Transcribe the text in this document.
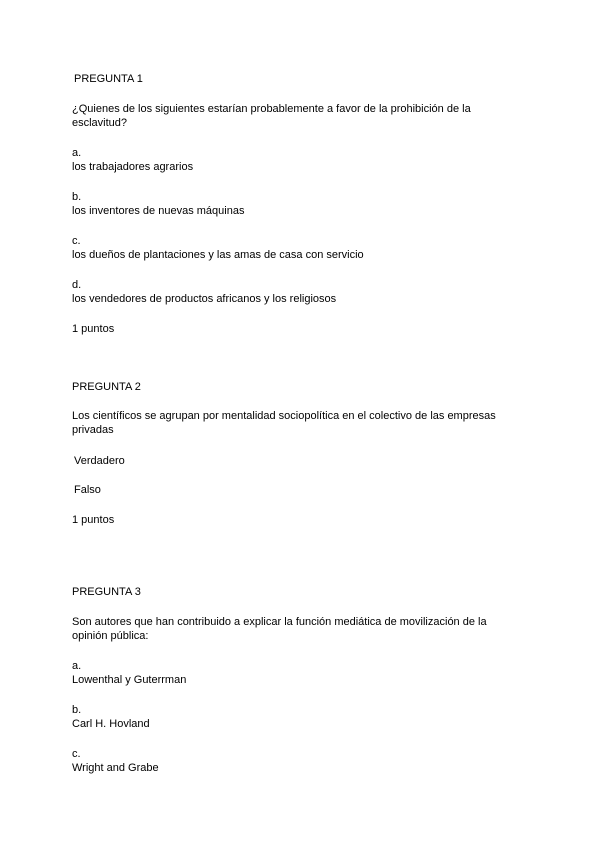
PREGUNTA 1
¿Quienes de los siguientes estarían probablemente a favor de la prohibición de la esclavitud?
a.
los trabajadores agrarios
b.
los inventores de nuevas máquinas
c.
los dueños de plantaciones y las amas de casa con servicio
d.
los vendedores de productos africanos y los religiosos
1 puntos
PREGUNTA 2
Los científicos se agrupan por mentalidad sociopolítica en el colectivo de las empresas privadas
Verdadero
Falso
1 puntos
PREGUNTA 3
Son autores que han contribuido a explicar la función mediática de movilización de la opinión pública:
a.
Lowenthal y Guterrman
b.
Carl H. Hovland
c.
Wright and Grabe
